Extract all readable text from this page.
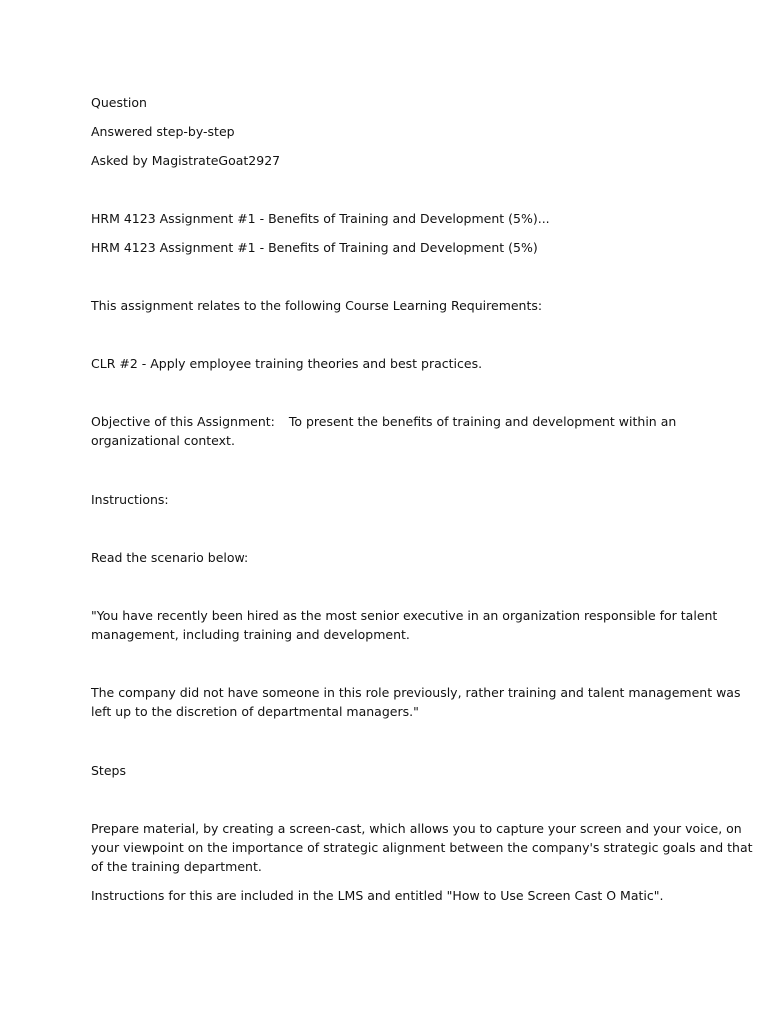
Question
Answered step-by-step
Asked by MagistrateGoat2927
HRM 4123 Assignment #1 - Benefits of Training and Development (5%)...
HRM 4123 Assignment #1 - Benefits of Training and Development (5%)
This assignment relates to the following Course Learning Requirements:
CLR #2 - Apply employee training theories and best practices.
Objective of this Assignment: To present the benefits of training and development within an
organizational context.
Instructions:
Read the scenario below:
"You have recently been hired as the most senior executive in an organization responsible for talent
management, including training and development.
The company did not have someone in this role previously, rather training and talent management was
left up to the discretion of departmental managers."
Steps
Prepare material, by creating a screen-cast, which allows you to capture your screen and your voice, on
your viewpoint on the importance of strategic alignment between the company's strategic goals and that
of the training department.
Instructions for this are included in the LMS and entitled "How to Use Screen Cast O Matic".
